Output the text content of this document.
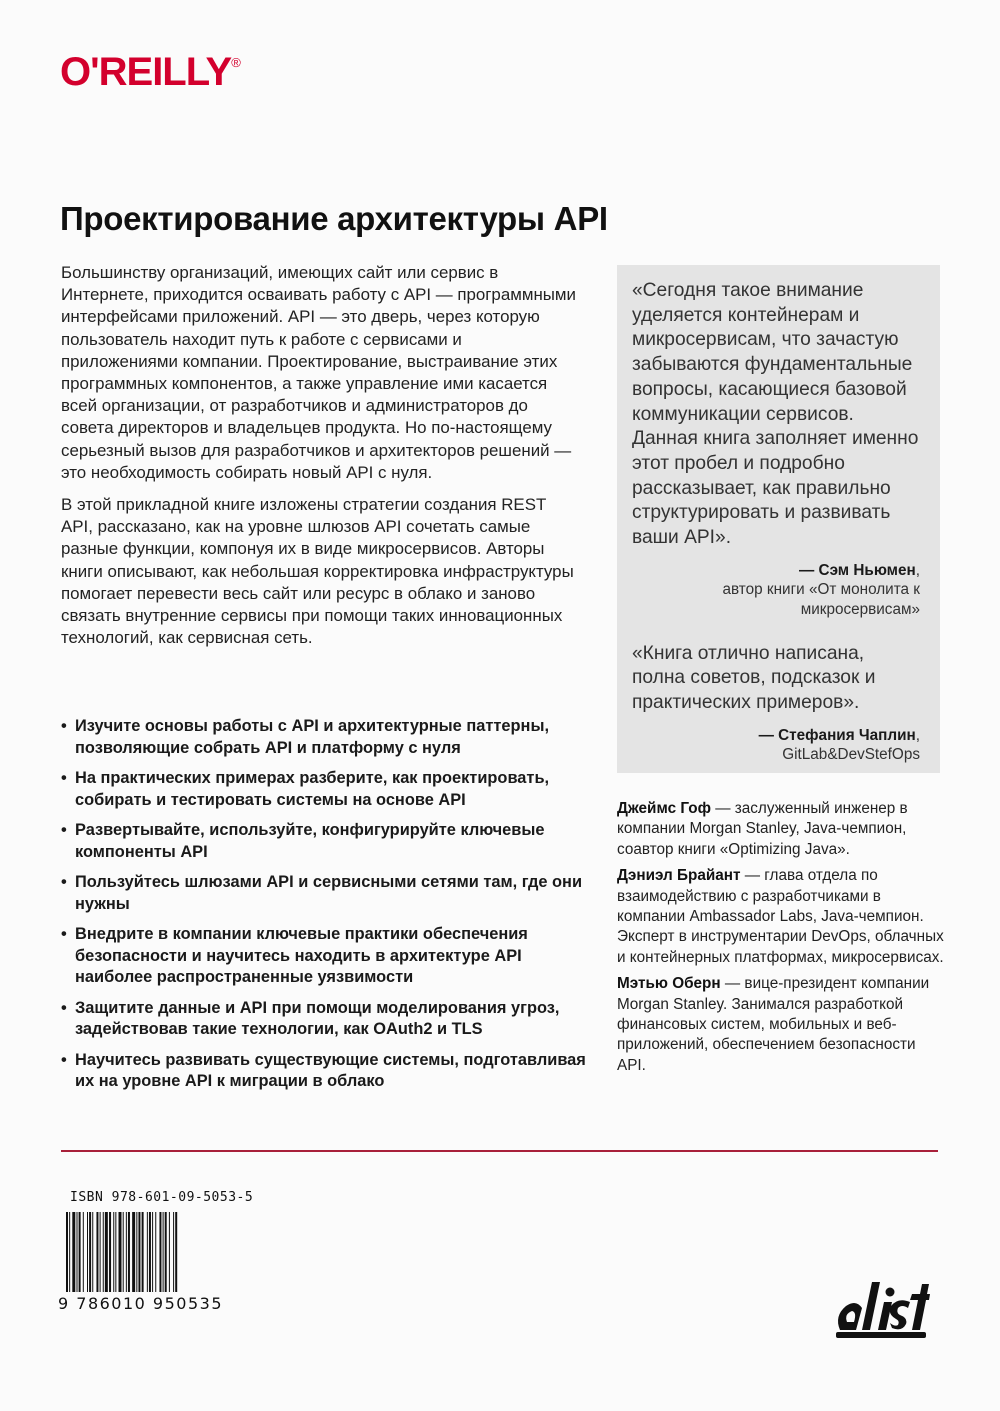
O'REILLY®
Проектирование архитектуры API

Большинству организаций, имеющих сайт или сервис в Интернете, приходится осваивать работу с API — программными интерфейсами приложений. API — это дверь, через которую пользователь находит путь к работе с сервисами и приложениями компании. Проектирование, выстраивание этих программных компонентов, а также управление ими касается всей организации, от разработчиков и администраторов до совета директоров и владельцев продукта. Но по-настоящему серьезный вызов для разработчиков и архитекторов решений — это необходимость собирать новый API с нуля.

В этой прикладной книге изложены стратегии создания REST API, рассказано, как на уровне шлюзов API сочетать самые разные функции, компонуя их в виде микросервисов. Авторы книги описывают, как небольшая корректировка инфраструктуры помогает перевести весь сайт или ресурс в облако и заново связать внутренние сервисы при помощи таких инновационных технологий, как сервисная сеть.

• Изучите основы работы с API и архитектурные паттерны, позволяющие собрать API и платформу с нуля
• На практических примерах разберите, как проектировать, собирать и тестировать системы на основе API
• Развертывайте, используйте, конфигурируйте ключевые компоненты API
• Пользуйтесь шлюзами API и сервисными сетями там, где они нужны
• Внедрите в компании ключевые практики обеспечения безопасности и научитесь находить в архитектуре API наиболее распространенные уязвимости
• Защитите данные и API при помощи моделирования угроз, задействовав такие технологии, как OAuth2 и TLS
• Научитесь развивать существующие системы, подготавливая их на уровне API к миграции в облако

«Сегодня такое внимание уделяется контейнерам и микросервисам, что зачастую забываются фундаментальные вопросы, касающиеся базовой коммуникации сервисов. Данная книга заполняет именно этот пробел и подробно рассказывает, как правильно структурировать и развивать ваши API».

— Сэм Ньюмен,
автор книги «От монолита к микросервисам»

«Книга отлично написана, полна советов, подсказок и практических примеров».

— Стефания Чаплин,
GitLab&DevStefOps

Джеймс Гоф — заслуженный инженер в компании Morgan Stanley, Java-чемпион, соавтор книги «Optimizing Java».

Дэниэл Брайант — глава отдела по взаимодействию с разработчиками в компании Ambassador Labs, Java-чемпион. Эксперт в инструментарии DevOps, облачных и контейнерных платформах, микросервисах.

Мэтью Оберн — вице-президент компании Morgan Stanley. Занимался разработкой финансовых систем, мобильных и веб-приложений, обеспечением безопасности API.

ISBN 978-601-09-5053-5
9 786010 950535
